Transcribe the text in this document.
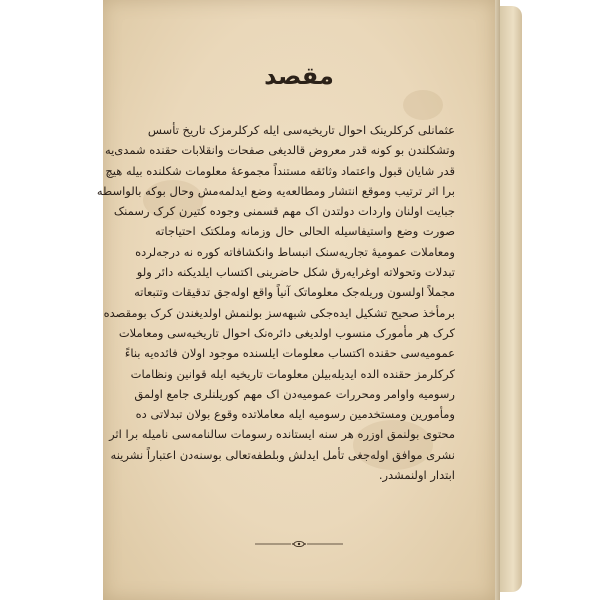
مقصد
عثمانلی کرکلرینک احوال تاریخیه‌سی ایله کرکلرمزک تاریخ تأسس
وتشکلندن بو کونه قدر معروض قالدیغی صفحات وانقلابات حقنده شمدی‌یه
قدر شایان قبول واعتماد وثائقه مستنداً مجموعهٔ معلومات شکلنده بیله هیچ
برا اثر ترتیب وموقع انتشار ومطالعه‌یه وضع ایدلمه‌مش وحال بوکه بالواسطه
جبایت اولنان واردات دولتدن اک مهم قسمنی وجوده کتیرن کرک رسمنک
صورت وضع واستیفاسیله الحالی حال وزمانه وملکتک احتیاجاته
ومعاملات عمومیهٔ تجاریه‌سنک انبساط وانکشافاته کوره نه درجه‌لرده
تبدلات وتحولاته اوغرایه‌رق شکل حاضرینی اکتساب ایلدیکنه دائر ولو
مجملاً اولسون وریله‌جک معلوماتک آنیاً واقع اوله‌جق تدقیقات وتتبعاته
برمأخذ صحیح تشکیل ایده‌جکی شبهه‌سز بولنمش اولدیغندن کرک بومقصده
کرک هر مأمورک منسوب اولدیغی دائره‌نک احوال تاریخیه‌سی ومعاملات
عمومیه‌سی حقنده اکتساب معلومات ایلسنده موجود اولان فائده‌یه بناءً
کرکلرمز حقنده الده ایدیله‌بیلن معلومات تاریخیه ایله قوانین ونظامات
رسومیه واوامر ومحررات عمومیه‌دن اک مهم کوریلنلری جامع اولمق
ومأمورین ومستخدمین رسومیه ایله معاملاتده وقوع بولان تبدلاتی ده
محتوی بولنمق اوزره هر سنه ایستانده رسومات سالنامه‌سی نامیله برا اثر
نشری موافق اوله‌جغی تأمل ایدلش وبلطفه‌تعالی بوسنه‌دن اعتباراً نشرینه
ابتدار اولنمشدر.
